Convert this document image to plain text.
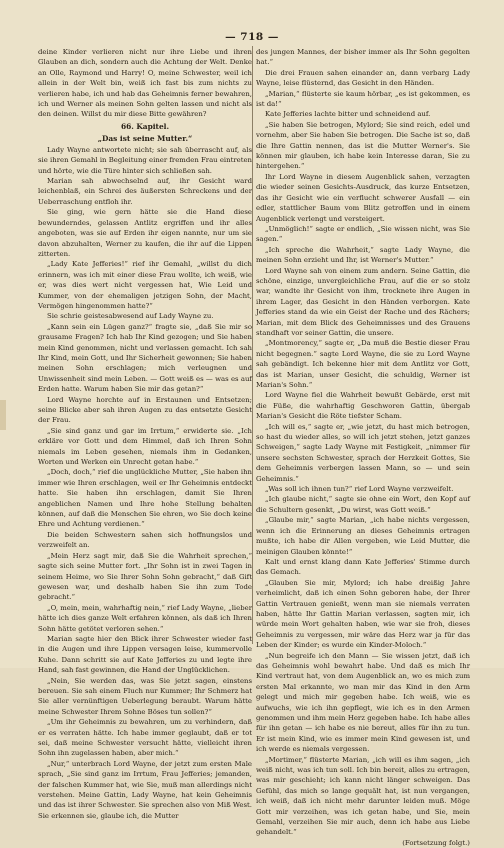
— 718 —

deine Kinder verlieren nicht nur ihre Liebe und ihren Glauben an dich, sondern auch die Achtung der Welt. Denke an Olle, Raymond und Harry! O, meine Schwester, weil ich allein in der Welt bin, weiß ich fast bis zum nichts zu verlieren habe, ich und hab das Geheimnis ferner bewahren, ich und Werner als meinen Sohn gelten lassen und nicht als den deinen. Willst du mir diese Bitte gewähren?

66. Kapitel.
„Das ist seine Mutter.“

Lady Wayne antwortete nicht; sie sah überrascht auf, als sie ihren Gemahl in Begleitung einer fremden Frau eintreten und hörte, wie die Türe hinter sich schließen sah.

Marian sah abwechselnd auf, ihr Gesicht ward leichenblaß, ein Schrei des äußersten Schreckens und der Ueberraschung entfloh ihr.

Sie ging, wie gern hätte sie die Hand diese bewunderndes, gelassen Antlitz ergriffen und ihr alles angeboten, was sie auf Erden ihr eigen nannte, nur um sie davon abzuhalten, Werner zu kaufen, die ihr auf die Lippen zitterten.

„Lady Kate Jefferies!“ rief ihr Gemahl, „willst du dich erinnern, was ich mit einer diese Frau wollte, ich weiß, wie er, was dies wert nicht vergessen hat, Wie Leid und Kummer, von der ehemaligen jetzigen Sohn, der Macht, Vermögen hingenommen hatte?“

Sie schrie geistesabwesend auf Lady Wayne zu.

„Kann sein ein Lügen ganz?“ fragte sie, „daß Sie mir so grausame Fragen? Ich hab Ihr Kind gezogen; und Sie haben mein Kind genommen, nicht und verlassen gemacht. Ich sah Ihr Kind, mein Gott, und Ihr Sicherheit gewonnen; Sie haben meinen Sohn erschlagen; mich verleugnen und Unwissenheit sind mein Leben. — Gott weiß es — was es auf Erden hatte. Warum haben Sie mir das getan?“

Lord Wayne horchte auf in Erstaunen und Entsetzen; seine Blicke aber sah ihren Augen zu das entsetzte Gesicht der Frau.

„Sie sind ganz und gar im Irrtum,“ erwiderte sie. „Ich erkläre vor Gott und dem Himmel, daß ich Ihren Sohn niemals im Leben gesehen, niemals ihm in Gedanken, Worten und Werken ein Unrecht getan habe.“

„Doch, doch,“ rief die unglückliche Mutter, „Sie haben ihn immer wie Ihren erschlagen, weil er Ihr Geheimnis entdeckt hatte. Sie haben ihn erschlagen, damit Sie Ihren angeblichen Namen und Ihre hohe Stellung behalten können, auf daß die Menschen Sie ehren, wo Sie doch keine Ehre und Achtung verdienen.“

Die beiden Schwestern sahen sich hoffnungslos und verzweifelt an.

„Mein Herz sagt mir, daß Sie die Wahrheit sprechen,“ sagte sich seine Mutter fort. „Ihr Sohn ist in zwei Tagen in seinem Heime, wo Sie Ihrer Sohn Sohn gebracht,“ daß Gift gewesen war, und deshalb haben Sie ihn zum Tode gebracht.“

„O, mein, mein, wahrhaftig nein,“ rief Lady Wayne, „lieber hätte ich dies ganze Welt erfahren können, als daß ich Ihren Sohn hätte getötet verloren sehen.“

Marian sagte hier den Blick ihrer Schwester wieder fast in die Augen und ihre Lippen versagen leise, kummervolle Kuhe. Dann schritt sie auf Kate Jefferies zu und legte ihre Hand, sah fast gewinnen, die Hand der Unglücklichen.

„Nein, Sie werden das, was Sie jetzt sagen, einstens bereuen. Sie sah einem Fluch nur Kummer; Ihr Schmerz hat Sie aller vernünftigen Ueberlegung beraubt. Warum hätte meine Schwester Ihrem Sohne Böses tun sollen?“

„Um ihr Geheimnis zu bewahren, um zu verhindern, daß er es verraten hätte. Ich habe immer geglaubt, daß er tot sei, daß meine Schwester versucht hätte, vielleicht ihren Sohn ihn zugelassen haben, aber mich.“

„Nur,“ unterbrach Lord Wayne, der jetzt zum ersten Male sprach, „Sie sind ganz im Irrtum, Frau Jefferies; jemanden, der falschen Kummer hat, wie Sie, muß man allerdings nicht verstehen. Meine Gattin, Lady Wayne, hat kein Geheimnis und das ist ihrer Schwester. Sie sprechen also von Miß West. Sie erkennen sie, glaube ich, die Mutter

des jungen Mannes, der bisher immer als Ihr Sohn gegolten hat.“

Die drei Frauen sahen einander an, dann verbarg Lady Wayne, leise flüsternd, das Gesicht in den Händen.

„Marian,“ flüsterte sie kaum hörbar, „es ist gekommen, es ist da!“

Kate Jefferies lachte bitter und schneidend auf.

„Sie haben Sie betrogen, Mylord; Sie sind reich, edel und vornehm, aber Sie haben Sie betrogen. Die Sache ist so, daß die Ihre Gattin nennen, das ist die Mutter Werner's. Sie können mir glauben, ich habe kein Interesse daran, Sie zu hintergehen.“

Ihr Lord Wayne in diesem Augenblick sahen, verzagten die wieder seinen Gesichts-Ausdruck, das kurze Entsetzen, das ihr Gesicht wie ein verflucht schwerer Ausfall — ein edler, stattlicher Baum vom Blitz getroffen und in einem Augenblick verlengt und versteigert.

„Unmöglich!“ sagte er endlich, „Sie wissen nicht, was Sie sagen.“

„Ich spreche die Wahrheit,“ sagte Lady Wayne, die meinen Sohn erzieht und Ihr, ist Werner's Mutter.“

Lord Wayne sah von einem zum andern. Seine Gattin, die schöne, einzige, unvergleichliche Frau, auf die er so stolz war, wandte ihr Gesicht von ihm, trocknete ihre Augen in ihrem Lager, das Gesicht in den Händen verborgen. Kate Jefferies stand da wie ein Geist der Rache und des Rächers; Marian, mit dem Blick des Geheimnisses und des Grauens standhaft vor seiner Gattin, die unsere.

„Montmorency,“ sagte er, „Da muß die Bestie dieser Frau nicht begegnen.“ sagte Lord Wayne, die sie zu Lord Wayne sah gebändigt. Ich bekenne hier mit dem Antlitz vor Gott, das ist Marian, unser Gesicht, die schuldig, Werner ist Marian's Sohn.“

Lord Wayne fiel die Wahrheit bewußt Gebärde, erst mit die Füße, die wahrhaftig Geschworen Gattin, übergab Marian's Gesicht die Röte tiefster Scham.

„Ich will es,“ sagte er, „wie jetzt, du hast mich betrogen, so hast du wieder alles, so will ich jetzt stehen, jetzt ganzes Schweigen,“ sagte Lady Wayne mit Festigkeit, „nimmer für unsere sechsten Schwester, sprach der Herzkeit Gottes, Sie dem Geheimnis verbergen lassen Mann, so — und sein Geheimnis.“

„Was soll ich ihnen tun?“ rief Lord Wayne verzweifelt.

„Ich glaube nicht,“ sagte sie ohne ein Wort, den Kopf auf die Schultern gesenkt, „Du wirst, was Gott weiß.“

„Glaube mir,“ sagte Marian, „ich habe nichts vergessen, wenn ich die Erinnerung an dieses Geheimnis ertragen mußte, ich habe dir Allen vergeben, wie Leid Mutter, die meinigen Glauben könnte!“

Kalt und ernst klang dann Kate Jefferies' Stimme durch das Gemach.

„Glauben Sie mir, Mylord; ich habe dreißig Jahre verheimlicht, daß ich einen Sohn geboren habe, der Ihrer Gattin Vertrauen genießt, wenn man sie niemals verraten haben, hätte Ihr Gattin Marian verlassen, sagten mir, ich würde mein Wort gehalten haben, wie war sie froh, dieses Geheimnis zu vergessen, mir wäre das Herz war ja für das Leben der Kinder; es wurde ein Kinder-Moloch.“

„Nun begreife ich den Mann — Sie wissen jetzt, daß ich das Geheimnis wohl bewahrt habe. Und daß es mich Ihr Kind vertraut hat, von dem Augenblick an, wo es mich zum ersten Mal erkannte, wo man mir das Kind in den Arm gelegt und mich mir gegeben habe. Ich weiß, wie es aufwuchs, wie ich ihn gepflegt, wie ich es in den Armen genommen und ihm mein Herz gegeben habe. Ich habe alles für ihn getan — ich habe es nie bereut, alles für ihn zu tun. Er ist mein Kind, wie es immer mein Kind gewesen ist, und ich werde es niemals vergessen.

„Mortimer,“ flüsterte Marian, „ich will es ihm sagen, „ich weiß nicht, was ich tun soll. Ich bin bereit, alles zu ertragen, was mir geschieht; ich kann nicht länger schweigen. Das Gefühl, das mich so lange gequält hat, ist nun vergangen, ich weiß, daß ich nicht mehr darunter leiden muß. Möge Gott mir verzeihen, was ich getan habe, und Sie, mein Gemahl, verzeihen Sie mir auch, denn ich habe aus Liebe gehandelt.“

(Fortsetzung folgt.)
